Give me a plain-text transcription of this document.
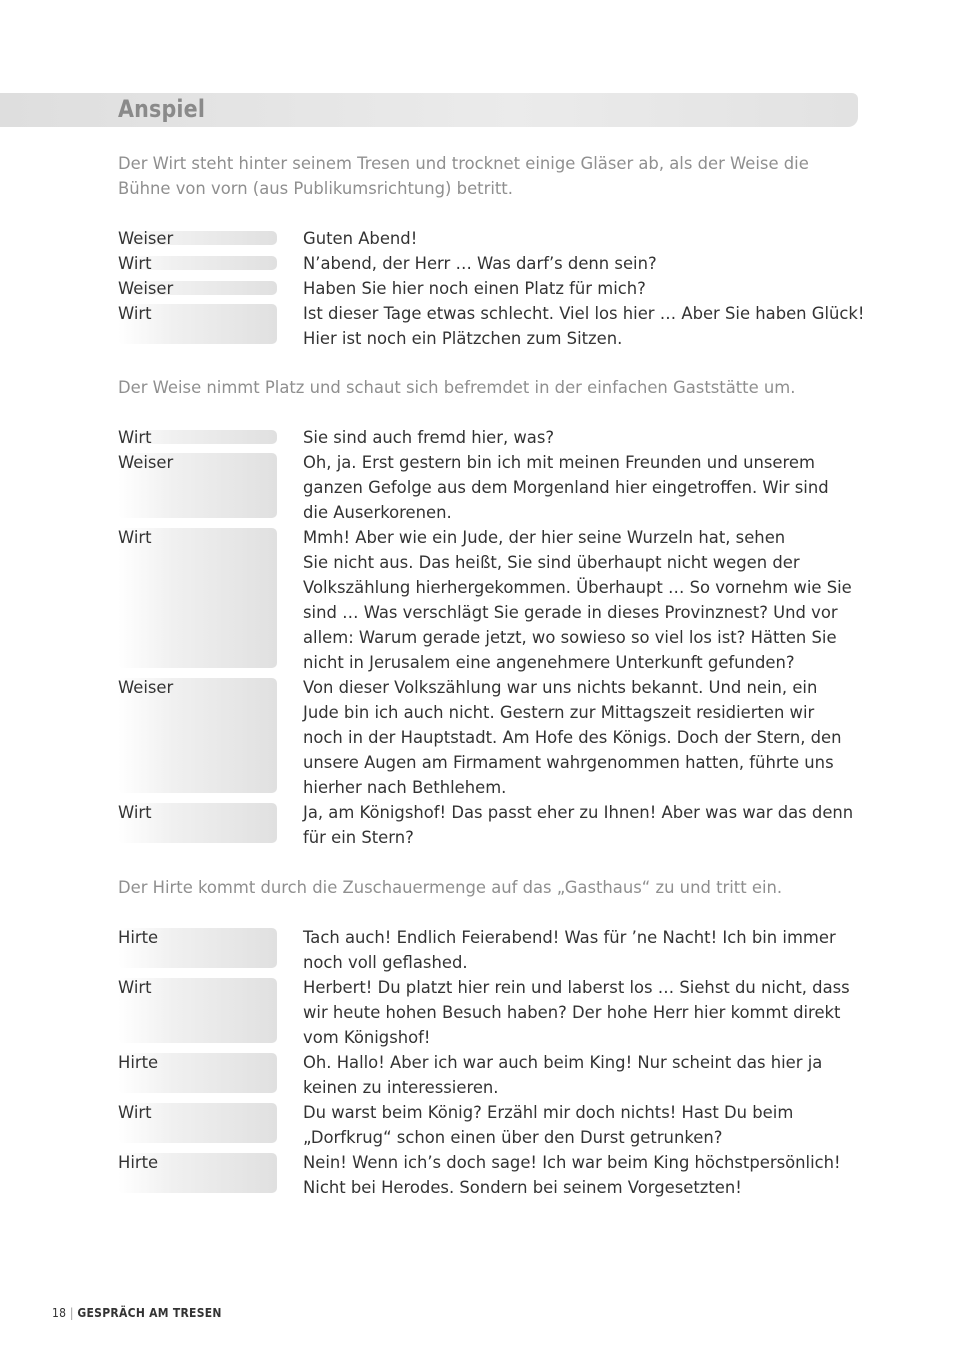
Anspiel
Der Wirt steht hinter seinem Tresen und trocknet einige Gläser ab, als der Weise die
Bühne von vorn (aus Publikumsrichtung) betritt.
Weiser	Guten Abend!
Wirt	N’abend, der Herr … Was darf’s denn sein?
Weiser	Haben Sie hier noch einen Platz für mich?
Wirt	Ist dieser Tage etwas schlecht. Viel los hier … Aber Sie haben Glück!
Hier ist noch ein Plätzchen zum Sitzen.
Der Weise nimmt Platz und schaut sich befremdet in der einfachen Gaststätte um.
Wirt	Sie sind auch fremd hier, was?
Weiser	Oh, ja. Erst gestern bin ich mit meinen Freunden und unserem
ganzen Gefolge aus dem Morgenland hier eingetroffen. Wir sind
die Auserkorenen.
Wirt	Mmh! Aber wie ein Jude, der hier seine Wurzeln hat, sehen
Sie nicht aus. Das heißt, Sie sind überhaupt nicht wegen der
Volkszählung hierhergekommen. Überhaupt … So vornehm wie Sie
sind … Was verschlägt Sie gerade in dieses Provinznest? Und vor
allem: Warum gerade jetzt, wo sowieso so viel los ist? Hätten Sie
nicht in Jerusalem eine angenehmere Unterkunft gefunden?
Weiser	Von dieser Volkszählung war uns nichts bekannt. Und nein, ein
Jude bin ich auch nicht. Gestern zur Mittagszeit residierten wir
noch in der Hauptstadt. Am Hofe des Königs. Doch der Stern, den
unsere Augen am Firmament wahrgenommen hatten, führte uns
hierher nach Bethlehem.
Wirt	Ja, am Königshof! Das passt eher zu Ihnen! Aber was war das denn
für ein Stern?
Der Hirte kommt durch die Zuschauermenge auf das „Gasthaus“ zu und tritt ein.
Hirte	Tach auch! Endlich Feierabend! Was für ’ne Nacht! Ich bin immer
noch voll geflashed.
Wirt	Herbert! Du platzt hier rein und laberst los … Siehst du nicht, dass
wir heute hohen Besuch haben? Der hohe Herr hier kommt direkt
vom Königshof!
Hirte	Oh. Hallo! Aber ich war auch beim King! Nur scheint das hier ja
keinen zu interessieren.
Wirt	Du warst beim König? Erzähl mir doch nichts! Hast Du beim
„Dorfkrug“ schon einen über den Durst getrunken?
Hirte	Nein! Wenn ich’s doch sage! Ich war beim King höchstpersönlich!
Nicht bei Herodes. Sondern bei seinem Vorgesetzten!
18 | GESPRÄCH AM TRESEN
